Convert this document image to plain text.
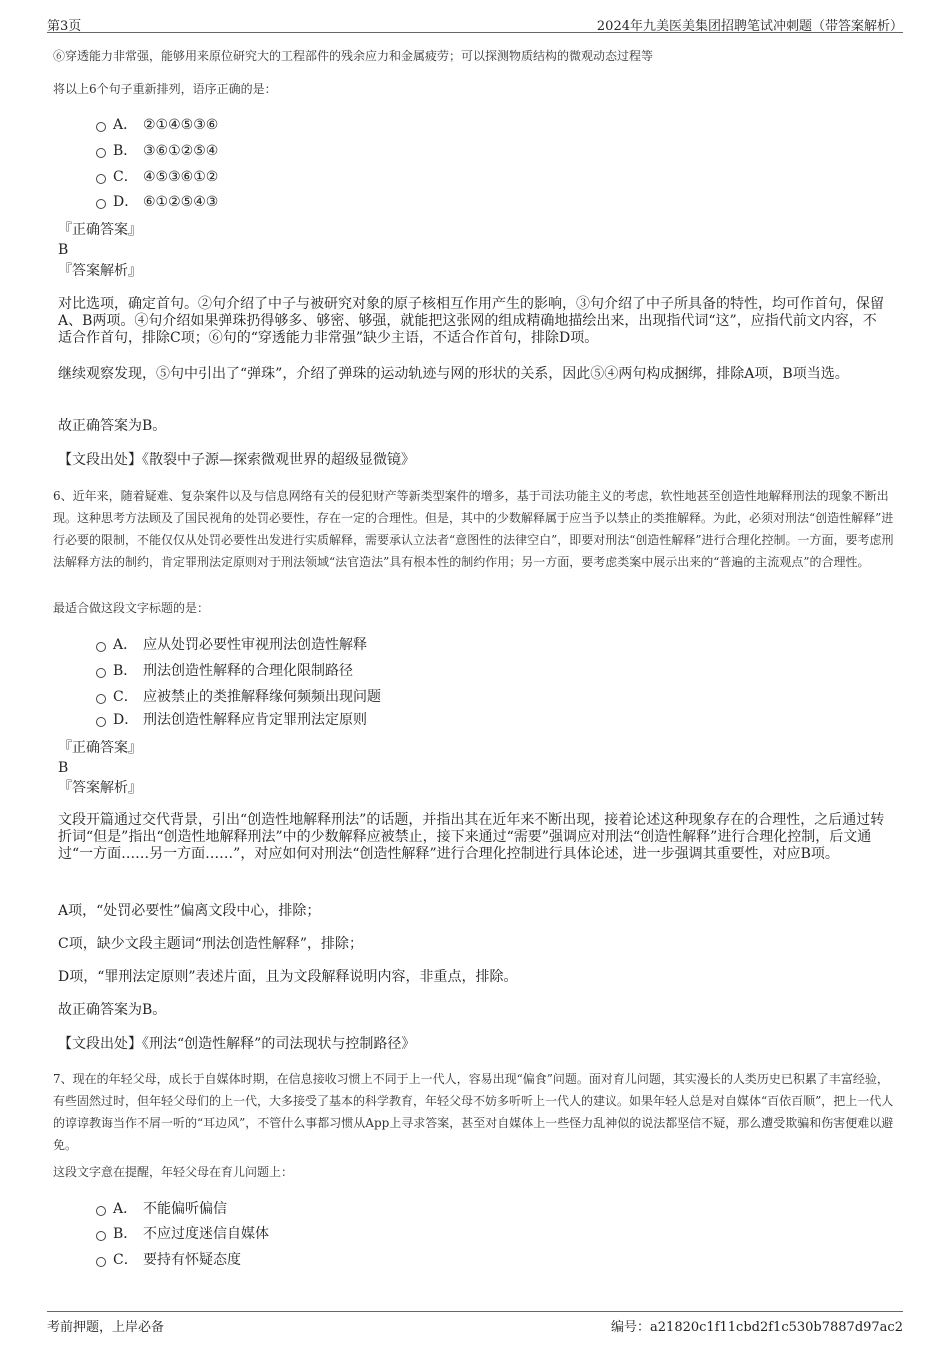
第3页	2024年九美医美集团招聘笔试冲刺题（带答案解析）
⑥穿透能力非常强，能够用来原位研究大的工程部件的残余应力和金属疲劳；可以探测物质结构的微观动态过程等
将以上6个句子重新排列，语序正确的是：
A． ②①④⑤③⑥
B． ③⑥①②⑤④
C． ④⑤③⑥①②
D． ⑥①②⑤④③
『正确答案』
B
『答案解析』
对比选项，确定首句。②句介绍了中子与被研究对象的原子核相互作用产生的影响，③句介绍了中子所具备的特性，均可作首句，保留A、B两项。④句介绍如果弹珠扔得够多、够密、够强，就能把这张网的组成精确地描绘出来，出现指代词“这”，应指代前文内容，不适合作首句，排除C项；⑥句的“穿透能力非常强”缺少主语，不适合作首句，排除D项。
继续观察发现，⑤句中引出了“弹珠”，介绍了弹珠的运动轨迹与网的形状的关系，因此⑤④两句构成捆绑，排除A项，B项当选。
故正确答案为B。
【文段出处】《散裂中子源—探索微观世界的超级显微镜》
6、近年来，随着疑难、复杂案件以及与信息网络有关的侵犯财产等新类型案件的增多，基于司法功能主义的考虑，软性地甚至创造性地解释刑法的现象不断出现。这种思考方法顾及了国民视角的处罚必要性，存在一定的合理性。但是，其中的少数解释属于应当予以禁止的类推解释。为此，必须对刑法“创造性解释”进行必要的限制，不能仅仅从处罚必要性出发进行实质解释，需要承认立法者“意图性的法律空白”，即要对刑法“创造性解释”进行合理化控制。一方面，要考虑刑法解释方法的制约，肯定罪刑法定原则对于刑法领域“法官造法”具有根本性的制约作用；另一方面，要考虑类案中展示出来的“普遍的主流观点”的合理性。
最适合做这段文字标题的是：
A． 应从处罚必要性审视刑法创造性解释
B． 刑法创造性解释的合理化限制路径
C． 应被禁止的类推解释缘何频频出现问题
D． 刑法创造性解释应肯定罪刑法定原则
『正确答案』
B
『答案解析』
文段开篇通过交代背景，引出“创造性地解释刑法”的话题，并指出其在近年来不断出现，接着论述这种现象存在的合理性，之后通过转折词“但是”指出“创造性地解释刑法”中的少数解释应被禁止，接下来通过“需要”强调应对刑法“创造性解释”进行合理化控制，后文通过“一方面……另一方面……”，对应如何对刑法“创造性解释”进行合理化控制进行具体论述，进一步强调其重要性，对应B项。
A项，“处罚必要性”偏离文段中心，排除；
C项，缺少文段主题词“刑法创造性解释”，排除；
D项，“罪刑法定原则”表述片面，且为文段解释说明内容，非重点，排除。
故正确答案为B。
【文段出处】《刑法“创造性解释”的司法现状与控制路径》
7、现在的年轻父母，成长于自媒体时期，在信息接收习惯上不同于上一代人，容易出现“偏食”问题。面对育儿问题，其实漫长的人类历史已积累了丰富经验，有些固然过时，但年轻父母们的上一代，大多接受了基本的科学教育，年轻父母不妨多听听上一代人的建议。如果年轻人总是对自媒体“百依百顺”，把上一代人的谆谆教诲当作不屑一听的“耳边风”，不管什么事都习惯从App上寻求答案，甚至对自媒体上一些怪力乱神似的说法都坚信不疑，那么遭受欺骗和伤害便难以避免。
这段文字意在提醒，年轻父母在育儿问题上：
A． 不能偏听偏信
B． 不应过度迷信自媒体
C． 要持有怀疑态度
考前押题，上岸必备	编号：a21820c1f11cbd2f1c530b7887d97ac2
